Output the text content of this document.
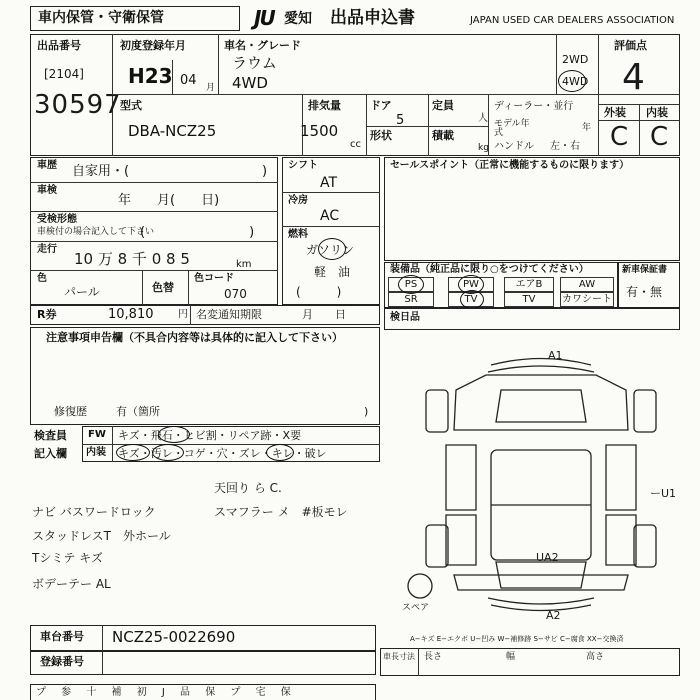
車内保管・守衛保管	JU 愛知 出品申込書	JAPAN USED CAR DEALERS ASSOCIATION
出品番号
[2104]
30597
初度登録年月
H23 04 月
車名・グレード
ラウム
4WD
2WD
4WD
評価点
4
外装 内装
C C
型式
DBA-NCZ25
排気量
1500
cc
ドア
5
定員
人
形状	積載
kg
ディーラー・並行
モデル年式	年
ハンドル 左・右
車歴 自家用・(	)
車検
年　　月(　　日)
受検形態
車検付の場合記入して下さい
(　　　　　　　　)
走行
10 万 8 千 0 8 5	km
色
パール	色替
色コード
070
R券	10,810 円 名変通知期限	月　　日
シフト
AT
冷房
AC
燃料
ガソリン
軽　油
(　　　)
セールスポイント（正常に機能するものに限ります）
装備品（純正品に限り○をつけてください）
PS	PW	エアB	AW
SR	TV	TV	カワシート
新車保証書
有・無
検日品
注意事項申告欄（不具合内容等は具体的に記入して下さい）
修復歴	有（箇所	)
検査員
記入欄
FW キズ・飛石・ヒビ割・リペア跡・X要
内装 キズ・汚レ・コゲ・穴・ズレ・キレ・破レ
天回り ら C.
ナビ バスワードロック	スマフラー メ　#板モレ
スタッドレスT　外ホール
Tシミテ キズ
ボデーテー AL
ーU1
A1
UA2
A2
スペア
A−キズ E−エクボ U−凹み W−補修跡 S−サビ C−腐食 XX−交換済
車台番号 NCZ25-0022690
登録番号	車長寸法 長さ	幅	高さ
プ 参 十 補 初 J 品 保 プ 宅 保
